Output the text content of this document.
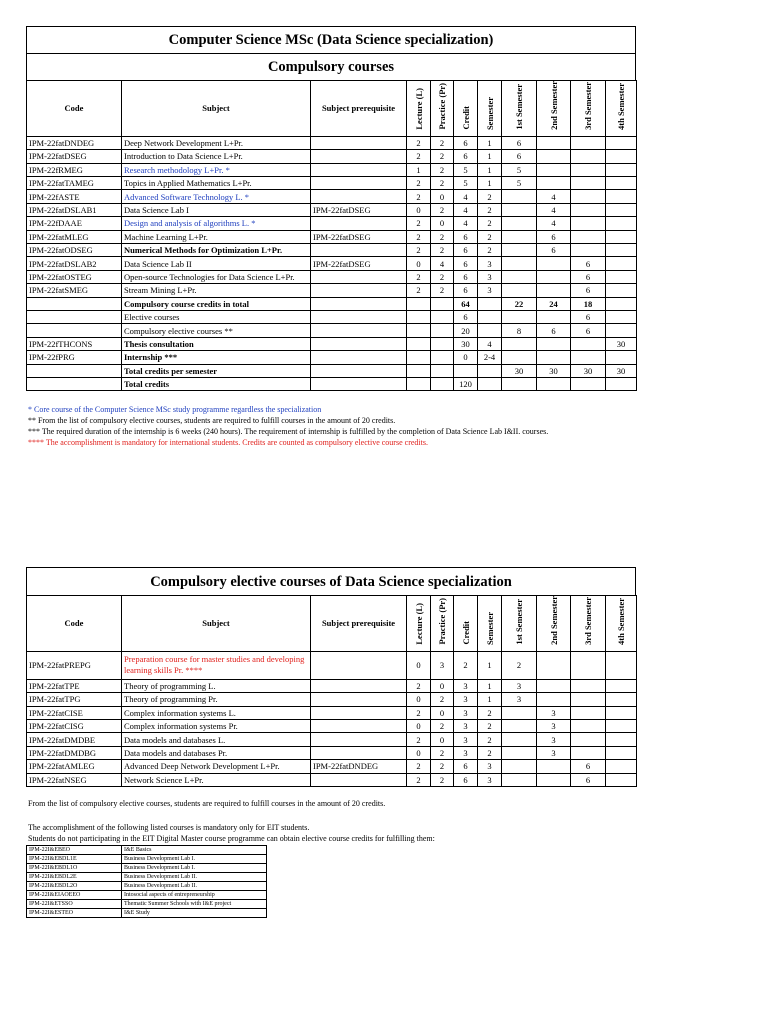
Computer Science MSc (Data Science specialization)
Compulsory courses
Code	Subject	Subject prerequisite	Lecture (L)	Practice (Pr)	Credit	Semester	1st Semester	2nd Semester	3rd Semester	4th Semester

IPM-22fatDNDEG	Deep Network Development L+Pr.		2	2	6	1	6			
IPM-22fatDSEG	Introduction to Data Science L+Pr.		2	2	6	1	6			
IPM-22fRMEG	Research methodology L+Pr. *		1	2	5	1	5			
IPM-22fatTAMEG	Topics in Applied Mathematics L+Pr.		2	2	5	1	5			
IPM-22fASTE	Advanced Software Technology L. *		2	0	4	2		4		
IPM-22fatDSLAB1	Data Science Lab I	IPM-22fatDSEG	0	2	4	2		4		
IPM-22fDAAE	Design and analysis of algorithms L. *		2	0	4	2		4		
IPM-22fatMLEG	Machine Learning L+Pr.	IPM-22fatDSEG	2	2	6	2		6		
IPM-22fatODSEG	Numerical Methods for Optimization L+Pr.		2	2	6	2		6		
IPM-22fatDSLAB2	Data Science Lab II	IPM-22fatDSEG	0	4	6	3			6	
IPM-22fatOSTEG	Open-source Technologies for Data Science L+Pr.		2	2	6	3			6	
IPM-22fatSMEG	Stream Mining L+Pr.		2	2	6	3			6	
	Compulsory course credits in total				64		22	24	18	
	Elective courses				6				6	
	Compulsory elective courses **				20		8	6	6	
IPM-22fTHCONS	Thesis consultation				30	4				30
IPM-22fPRG	Internship ***				0	2-4				
	Total credits per semester						30	30	30	30
	Total credits				120					
* Core course of the Computer Science MSc study programme regardless the specialization
** From the list of compulsory elective courses, students are required to fulfill courses in the amount of 20 credits.
*** The required duration of the internship is 6 weeks (240 hours). The requirement of internship is fulfilled by the completion of Data Science Lab I&II. courses.
**** The accomplishment is mandatory for international students. Credits are counted as compulsory elective course credits.
Compulsory elective courses of Data Science specialization
Code	Subject	Subject prerequisite	Lecture (L)	Practice (Pr)	Credit	Semester	1st Semester	2nd Semester	3rd Semester	4th Semester

IPM-22fatPREPG	Preparation course for master studies and developing learning skills Pr. ****		0	3	2	1	2			
IPM-22fatTPE	Theory of programming L.		2	0	3	1	3			
IPM-22fatTPG	Theory of programming Pr.		0	2	3	1	3			
IPM-22fatCISE	Complex information systems L.		2	0	3	2		3		
IPM-22fatCISG	Complex information systems Pr.		0	2	3	2		3		
IPM-22fatDMDBE	Data models and databases L.		2	0	3	2		3		
IPM-22fatDMDBG	Data models and databases Pr.		0	2	3	2		3		
IPM-22fatAMLEG	Advanced Deep Network Development L+Pr.	IPM-22fatDNDEG	2	2	6	3			6	
IPM-22fatNSEG	Network Science L+Pr.		2	2	6	3			6	
From the list of compulsory elective courses, students are required to fulfill courses in the amount of 20 credits.
The accomplishment of the following listed courses is mandatory only for EIT students.
Students do not participating in the EIT Digital Master course programme can obtain elective course credits for fulfilling them:
IPM-22I&EBEO	I&E Basics
IPM-22I&EBDL1E	Business Development Lab I.
IPM-22I&EBDL1O	Business Development Lab I.
IPM-22I&EBDL2E	Business Development Lab II.
IPM-22I&EBDL2O	Business Development Lab II.
IPM-22I&EIAOEEO	Intosocial aspects of entrepreneurship
IPM-22I&ETSSO	Thematic Summer Schools with I&E project
IPM-22I&ESTEO	I&E Study
